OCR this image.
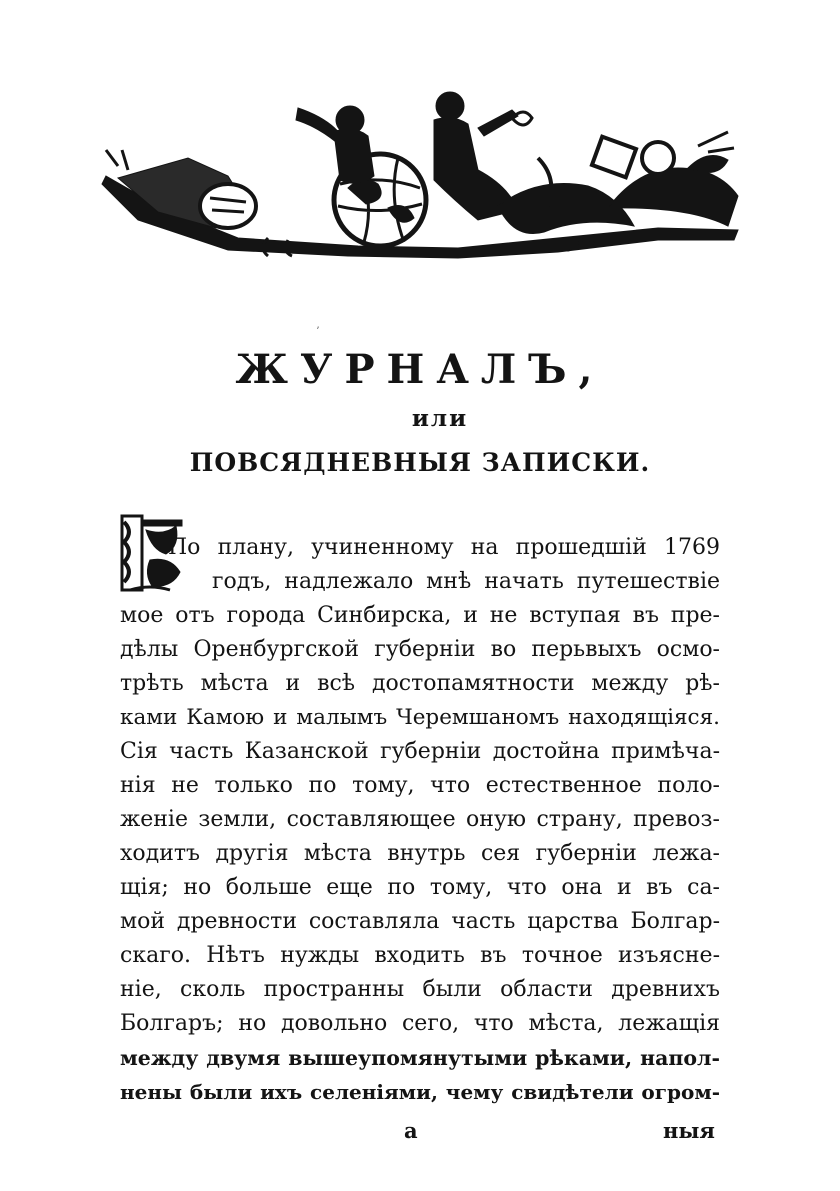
ʼ
ЖУРНАЛЪ,
или
ПОВСЯДНЕВНЫЯ ЗАПИСКИ.
По плану, учиненному на прошедшій 1769
годъ, надлежало мнѣ начать путешествіе
мое отъ города Синбирска, и не вступая въ пре-
дѣлы Оренбургской губерніи во перьвыхъ осмо-
трѣть мѣста и всѣ достопамятности между рѣ-
ками Камою и малымъ Черемшаномъ находящіяся.
Сія часть Казанской губерніи достойна примѣча-
нія не только по тому, что естественное поло-
женіе земли, составляющее оную страну, превоз-
ходитъ другія мѣста внутрь сея губерніи лежа-
щія; но больше еще по тому, что она и въ са-
мой древности составляла часть царства Болгар-
скаго. Нѣтъ нужды входить въ точное изъясне-
ніе, сколь пространны были области древнихъ
Болгаръ; но довольно сего, что мѣста, лежащія
между двумя вышеупомянутыми рѣками, напол-
нены были ихъ селеніями, чему свидѣтели огром-
а	ныя
